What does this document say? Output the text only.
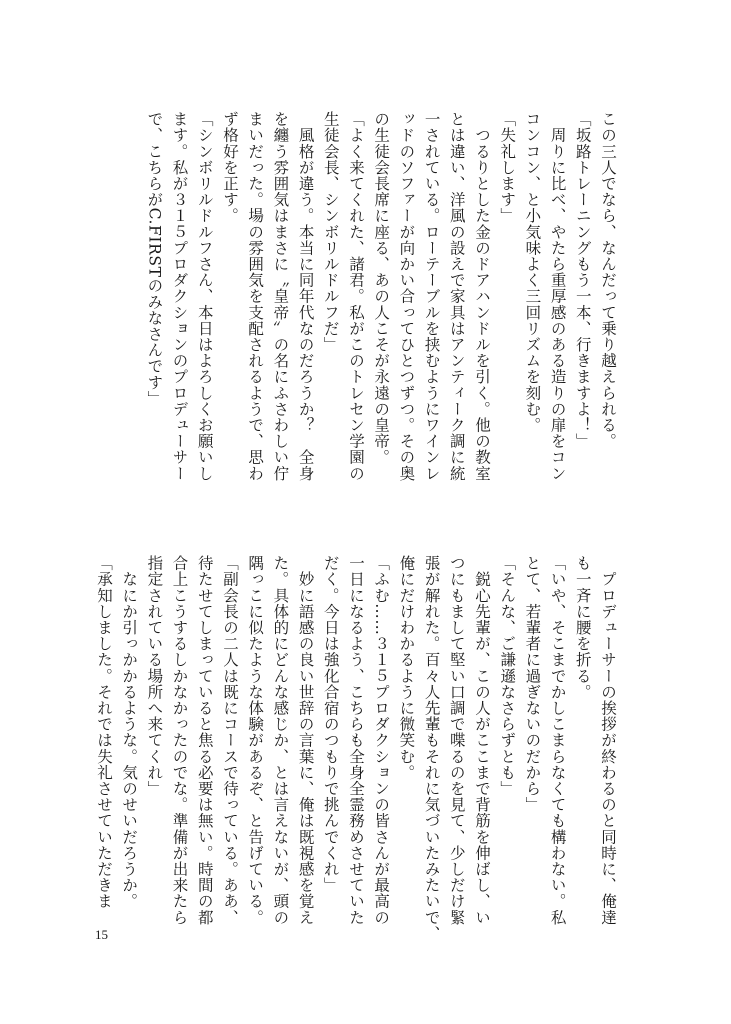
この三人でなら、なんだって乗り越えられる。
「坂路トレーニングもう一本、行きますよ！」
　周りに比べ、やたら重厚感のある造りの扉をコン
コンコン、と小気味よく三回リズムを刻む。
「失礼します」
　つるりとした金のドアハンドルを引く。他の教室
とは違い、洋風の設えで家具はアンティーク調に統
一されている。ローテーブルを挟むようにワインレ
ッドのソファーが向かい合ってひとつずつ。その奥
の生徒会長席に座る、あの人こそが永遠の皇帝。
「よく来てくれた、諸君。私がこのトレセン学園の
生徒会長、シンボリルドルフだ」
　風格が違う。本当に同年代なのだろうか？　全身
を纏う雰囲気はまさに〝皇帝〟の名にふさわしい佇
まいだった。場の雰囲気を支配されるようで、思わ
ず格好を正す。
「シンボリルドルフさん、本日はよろしくお願いし
ます。私が３１５プロダクションのプロデューサー
で、こちらがC.FIRSTのみなさんです」
　プロデューサーの挨拶が終わるのと同時に、俺達
も一斉に腰を折る。
「いや、そこまでかしこまらなくても構わない。私
とて、若輩者に過ぎないのだから」
「そんな、ご謙遜なさらずとも」
　鋭心先輩が、この人がここまで背筋を伸ばし、い
つにもまして堅い口調で喋るのを見て、少しだけ緊
張が解れた。百々人先輩もそれに気づいたみたいで、
俺にだけわかるように微笑む。
「ふむ……３１５プロダクションの皆さんが最高の
一日になるよう、こちらも全身全霊務めさせていた
だく。今日は強化合宿のつもりで挑んでくれ」
　妙に語感の良い世辞の言葉に、俺は既視感を覚え
た。具体的にどんな感じか、とは言えないが、頭の
隅っこに似たような体験があるぞ、と告げている。
「副会長の二人は既にコースで待っている。ああ、
待たせてしまっていると焦る必要は無い。時間の都
合上こうするしかなかったのでな。準備が出来たら
指定されている場所へ来てくれ」
　なにか引っかかるような。気のせいだろうか。
「承知しました。それでは失礼させていただきま
15
